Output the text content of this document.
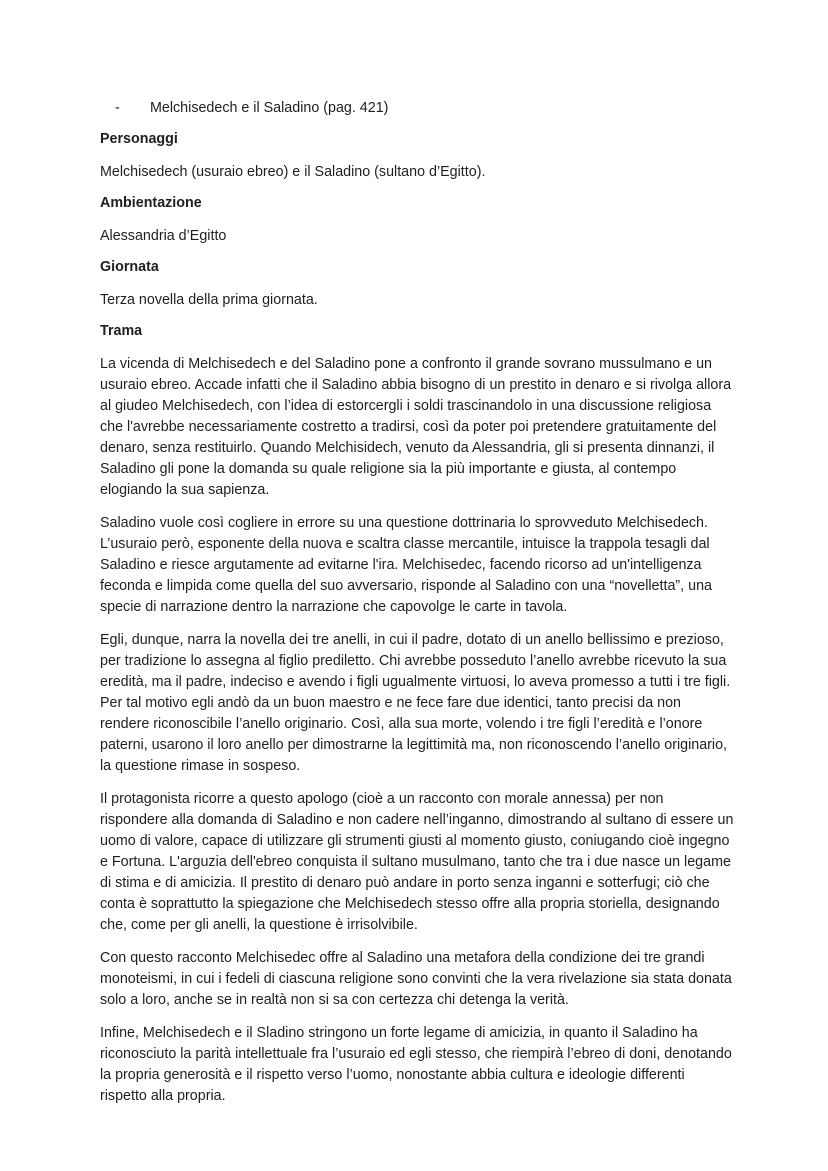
-	Melchisedech e il Saladino (pag. 421)
Personaggi
Melchisedech (usuraio ebreo) e il Saladino (sultano d’Egitto).
Ambientazione
Alessandria d’Egitto
Giornata
Terza novella della prima giornata.
Trama

La vicenda di Melchisedech e del Saladino pone a confronto il grande sovrano mussulmano e un usuraio ebreo. Accade infatti che il Saladino abbia bisogno di un prestito in denaro e si rivolga allora al giudeo Melchisedech, con l’idea di estorcergli i soldi trascinandolo in una discussione religiosa che l'avrebbe necessariamente costretto a tradirsi, così da poter poi pretendere gratuitamente del denaro, senza restituirlo. Quando Melchisidech, venuto da Alessandria, gli si presenta dinnanzi, il Saladino gli pone la domanda su quale religione sia la più importante e giusta, al contempo elogiando la sua sapienza.

Saladino vuole così cogliere in errore su una questione dottrinaria lo sprovveduto Melchisedech. L’usuraio però, esponente della nuova e scaltra classe mercantile, intuisce la trappola tesagli dal Saladino e riesce argutamente ad evitarne l'ira. Melchisedec, facendo ricorso ad un'intelligenza feconda e limpida come quella del suo avversario, risponde al Saladino con una “novelletta”, una specie di narrazione dentro la narrazione che capovolge le carte in tavola.

Egli, dunque, narra la novella dei tre anelli, in cui il padre, dotato di un anello bellissimo e prezioso, per tradizione lo assegna al figlio prediletto. Chi avrebbe posseduto l’anello avrebbe ricevuto la sua eredità, ma il padre, indeciso e avendo i figli ugualmente virtuosi, lo aveva promesso a tutti i tre figli. Per tal motivo egli andò da un buon maestro e ne fece fare due identici, tanto precisi da non rendere riconoscibile l’anello originario. Così, alla sua morte, volendo i tre figli l’eredità e l’onore paterni, usarono il loro anello per dimostrarne la legittimità ma, non riconoscendo l’anello originario, la questione rimase in sospeso.

Il protagonista ricorre a questo apologo (cioè a un racconto con morale annessa) per non rispondere alla domanda di Saladino e non cadere nell’inganno, dimostrando al sultano di essere un uomo di valore, capace di utilizzare gli strumenti giusti al momento giusto, coniugando cioè ingegno e Fortuna. L'arguzia dell'ebreo conquista il sultano musulmano, tanto che tra i due nasce un legame di stima e di amicizia. Il prestito di denaro può andare in porto senza inganni e sotterfugi; ciò che conta è soprattutto la spiegazione che Melchisedech stesso offre alla propria storiella, designando che, come per gli anelli, la questione è irrisolvibile.

Con questo racconto Melchisedec offre al Saladino una metafora della condizione dei tre grandi monoteismi, in cui i fedeli di ciascuna religione sono convinti che la vera rivelazione sia stata donata solo a loro, anche se in realtà non si sa con certezza chi detenga la verità.

Infine, Melchisedech e il Sladino stringono un forte legame di amicizia, in quanto il Saladino ha riconosciuto la parità intellettuale fra l’usuraio ed egli stesso, che riempirà l’ebreo di doni, denotando la propria generosità e il rispetto verso l’uomo, nonostante abbia cultura e ideologie differenti rispetto alla propria.
